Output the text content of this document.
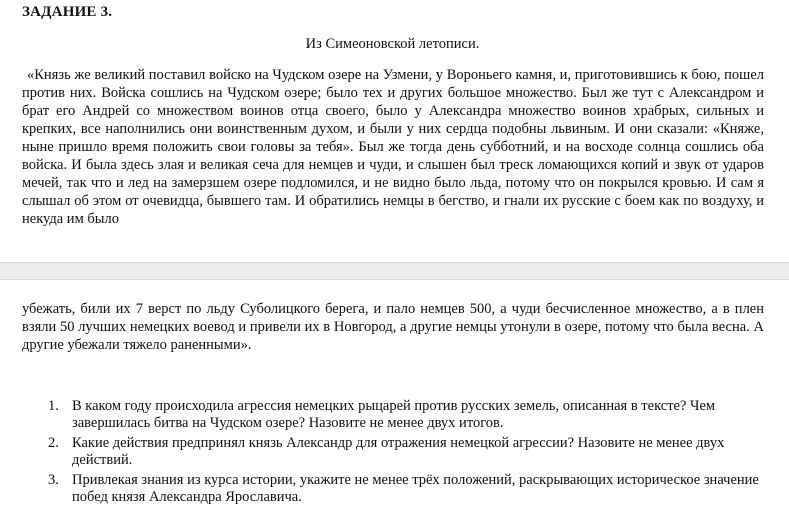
ЗАДАНИЕ 3.
Из Симеоновской летописи.
«Князь же великий поставил войско на Чудском озере на Узмени, у Вороньего камня, и, приготовившись к бою, пошел против них. Войска сошлись на Чудском озере; было тех и других большое множество. Был же тут с Александром и брат его Андрей со множеством воинов отца своего, было у Александра множество воинов храбрых, сильных и крепких, все наполнились они воинственным духом, и были у них сердца подобны львиным. И они сказали: «Княже, ныне пришло время положить свои головы за тебя». Был же тогда день субботний, и на восходе солнца сошлись оба войска. И была здесь злая и великая сеча для немцев и чуди, и слышен был треск ломающихся копий и звук от ударов мечей, так что и лед на замерзшем озере подломился, и не видно было льда, потому что он покрылся кровью. И сам я слышал об этом от очевидца, бывшего там. И обратились немцы в бегство, и гнали их русские с боем как по воздуху, и некуда им было
убежать, били их 7 верст по льду Суболицкого берега, и пало немцев 500, а чуди бесчисленное множество, а в плен взяли 50 лучших немецких воевод и привели их в Новгород, а другие немцы утонули в озере, потому что была весна. А другие убежали тяжело раненными».
1. В каком году происходила агрессия немецких рыцарей против русских земель, описанная в тексте? Чем завершилась битва на Чудском озере? Назовите не менее двух итогов.
2. Какие действия предпринял князь Александр для отражения немецкой агрессии? Назовите не менее двух действий.
3. Привлекая знания из курса истории, укажите не менее трёх положений, раскрывающих историческое значение побед князя Александра Ярославича.
